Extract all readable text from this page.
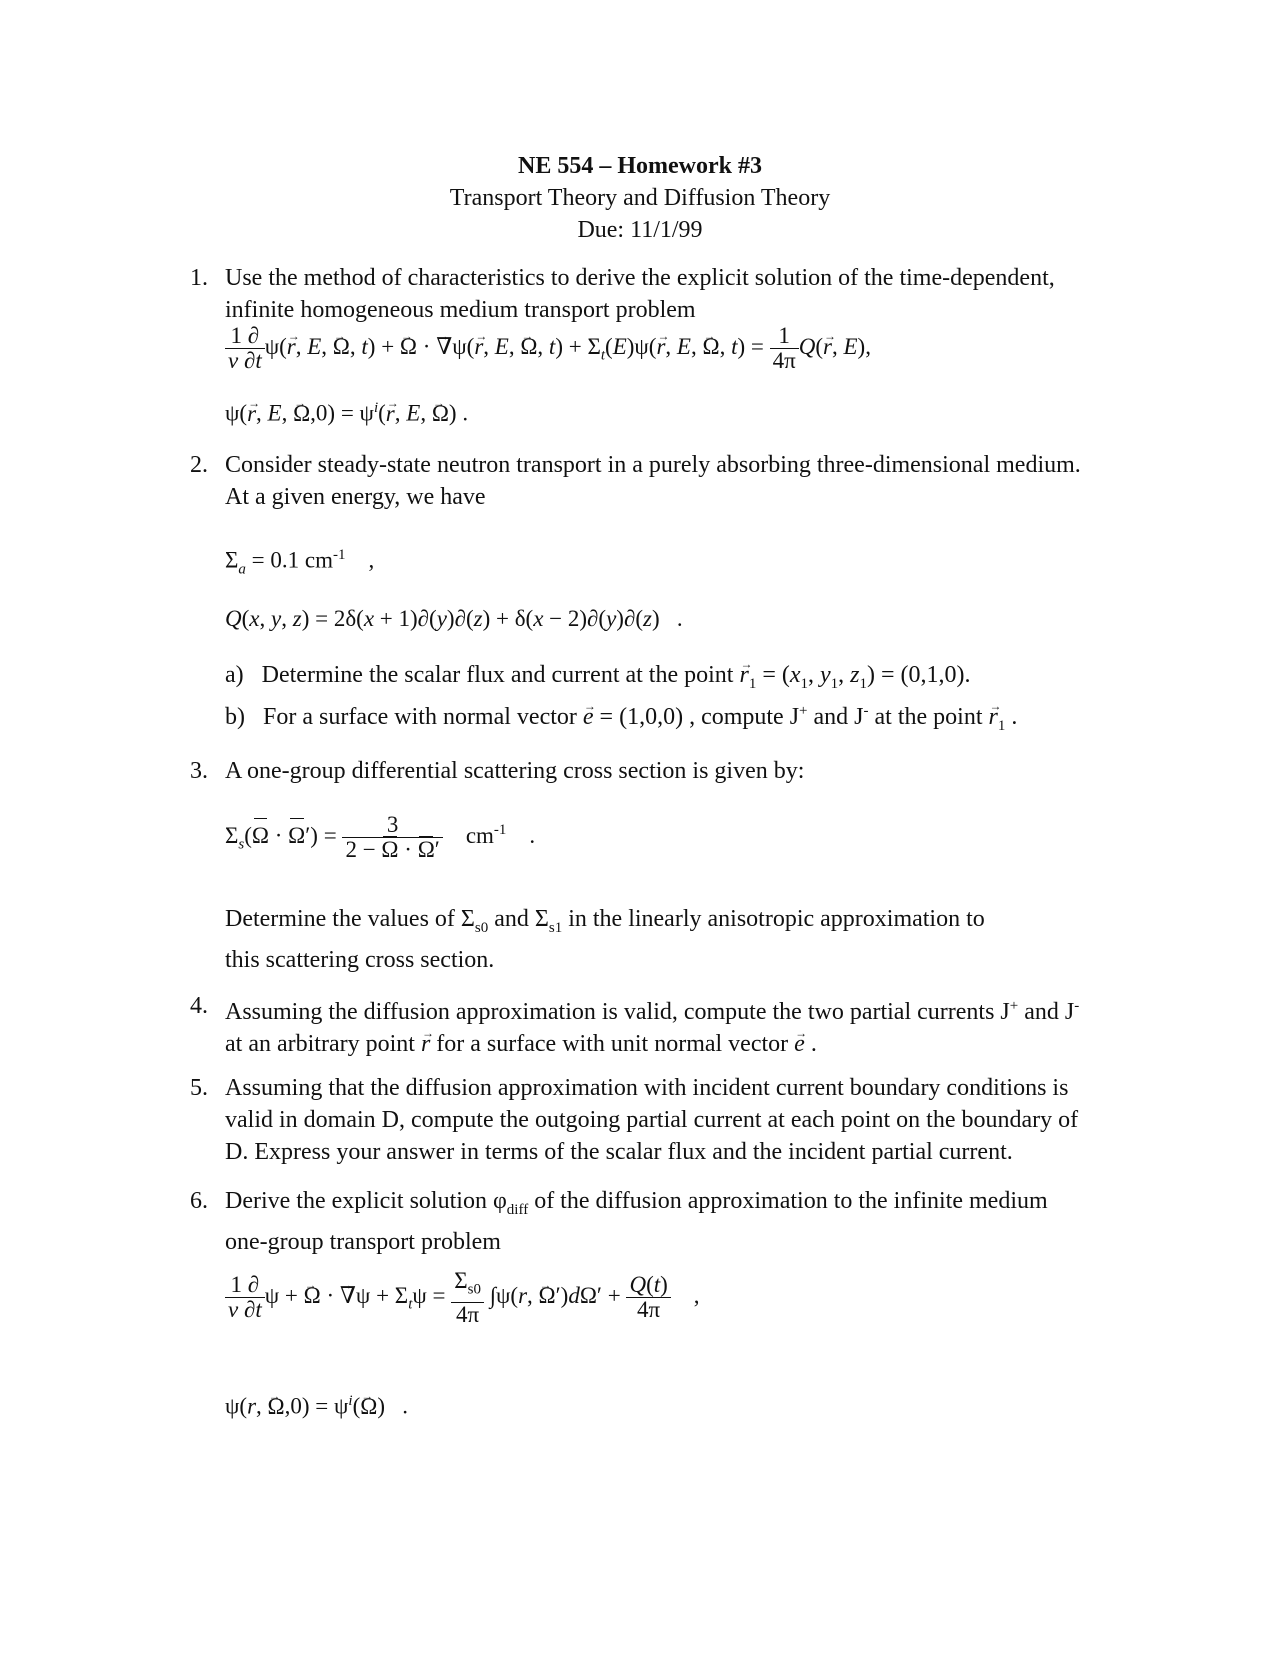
NE 554 – Homework #3
Transport Theory and Diffusion Theory
Due: 11/1/99
1. Use the method of characteristics to derive the explicit solution of the time-dependent, infinite homogeneous medium transport problem
$\frac{1 \partial}{v \partial t} \psi(\to r$, E, → Ω, t) + → Ω · → ∇ψ(→ r, E, → Ω, $t) + \Sigma_t(E)\psi(\to r$, E, → Ω, $t) = \frac{1}{4\pi} Q(\to r$, E),
ψ(→ r, E, → $\Omega,0) = \psi^i(\to r$, E, → Ω) .
2. Consider steady-state neutron transport in a purely absorbing three-dimensional medium. At a given energy, we have
$\Sigma_a = 0.1$ $cm^{-1}$    ,
Q(x, y, z) = 2δ(x + 1)∂(y)∂(z) + δ(x − 2)∂(y)∂(z)   .
a) Determine the scalar flux and current at the point → $r_1 = (x_1$, $y_1$, $z_1) = (0,1,0)$.
b) For a surface with normal vector → e = (1,0,0) , compute J+ and J- at the point → $r_1$ .
3. A one-group differential scattering cross section is given by:
$\Sigma_s(\Omega \cdot \Omega') = \frac{3}{2 - \Omega \cdot \Omega'} cm^{-1}$    .
Determine the values of $\Sigma_{s0}$ and $\Sigma_{s1}$ in the linearly anisotropic approximation to this scattering cross section.
4. Assuming the diffusion approximation is valid, compute the two partial currents J+ and J- at an arbitrary point → r for a surface with unit normal vector → e .
5. Assuming that the diffusion approximation with incident current boundary conditions is valid in domain D, compute the outgoing partial current at each point on the boundary of D. Express your answer in terms of the scalar flux and the incident partial current.
6. Derive the explicit solution $\varphi_{diff}$ of the diffusion approximation to the infinite medium one-group transport problem
$\frac{1 \partial}{v \partial t}$ ψ + → Ω · → $\nabla\psi + \Sigma_t\psi = \frac{\Sigma_{s0}}{4\pi} \int\psi(r$, → $\Omega')d\Omega' + \frac{Q(t)}{4\pi}$ ,
ψ(r, → $\Omega,0) = \psi^i(\to \Omega)$   .
